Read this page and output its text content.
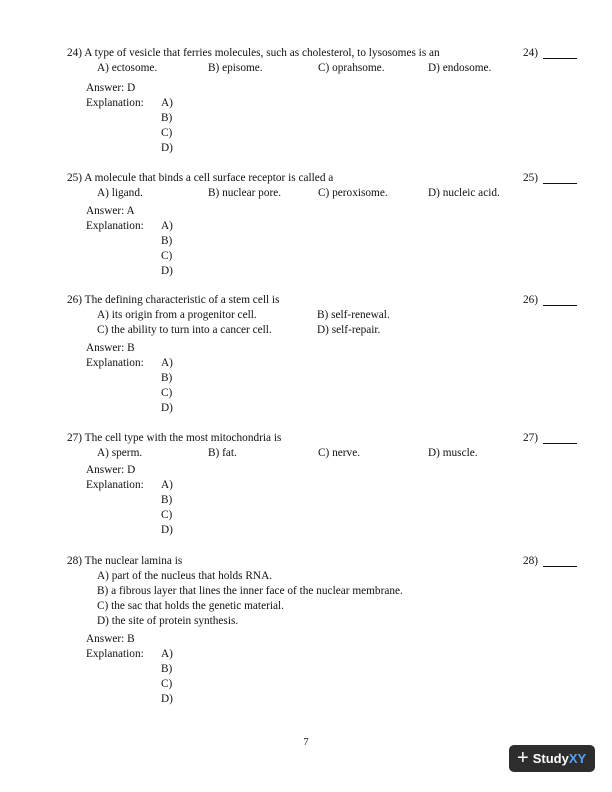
24) A type of vesicle that ferries molecules, such as cholesterol, to lysosomes is an	24)
A) ectosome.	B) episome.	C) oprahsome.	D) endosome.
Answer: D
Explanation: A)
B)
C)
D)
25) A molecule that binds a cell surface receptor is called a	25)
A) ligand.	B) nuclear pore.	C) peroxisome.	D) nucleic acid.
Answer: A
Explanation: A)
B)
C)
D)
26) The defining characteristic of a stem cell is	26)
A) its origin from a progenitor cell.	B) self-renewal.
C) the ability to turn into a cancer cell.	D) self-repair.
Answer: B
Explanation: A)
B)
C)
D)
27) The cell type with the most mitochondria is	27)
A) sperm.	B) fat.	C) nerve.	D) muscle.
Answer: D
Explanation: A)
B)
C)
D)
28) The nuclear lamina is	28)
A) part of the nucleus that holds RNA.
B) a fibrous layer that lines the inner face of the nuclear membrane.
C) the sac that holds the genetic material.
D) the site of protein synthesis.
Answer: B
Explanation: A)
B)
C)
D)
7
+ StudyXY
